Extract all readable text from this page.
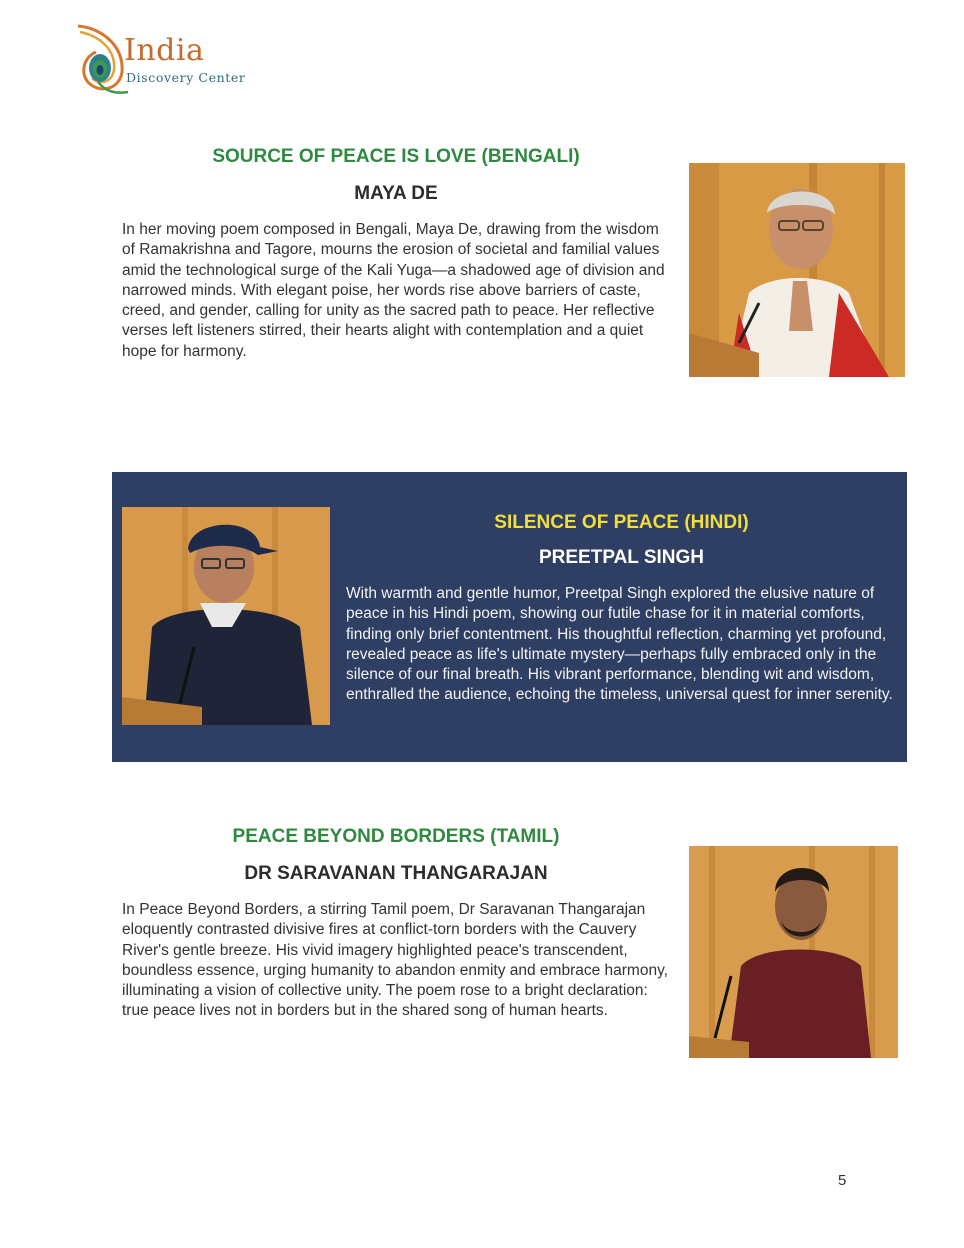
India
Discovery Center
SOURCE OF PEACE IS LOVE (BENGALI)
MAYA DE

In her moving poem composed in Bengali, Maya De, drawing from the wisdom of Ramakrishna and Tagore, mourns the erosion of societal and familial values amid the technological surge of the Kali Yuga—a shadowed age of division and narrowed minds. With elegant poise, her words rise above barriers of caste, creed, and gender, calling for unity as the sacred path to peace. Her reflective verses left listeners stirred, their hearts alight with contemplation and a quiet hope for harmony.

SILENCE OF PEACE (HINDI)
PREETPAL SINGH

With warmth and gentle humor, Preetpal Singh explored the elusive nature of peace in his Hindi poem, showing our futile chase for it in material comforts, finding only brief contentment. His thoughtful reflection, charming yet profound, revealed peace as life's ultimate mystery—perhaps fully embraced only in the silence of our final breath. His vibrant performance, blending wit and wisdom, enthralled the audience, echoing the timeless, universal quest for inner serenity.

PEACE BEYOND BORDERS (TAMIL)
DR SARAVANAN THANGARAJAN

In Peace Beyond Borders, a stirring Tamil poem, Dr Saravanan Thangarajan eloquently contrasted divisive fires at conflict-torn borders with the Cauvery River's gentle breeze. His vivid imagery highlighted peace's transcendent, boundless essence, urging humanity to abandon enmity and embrace harmony, illuminating a vision of collective unity. The poem rose to a bright declaration: true peace lives not in borders but in the shared song of human hearts.

5
